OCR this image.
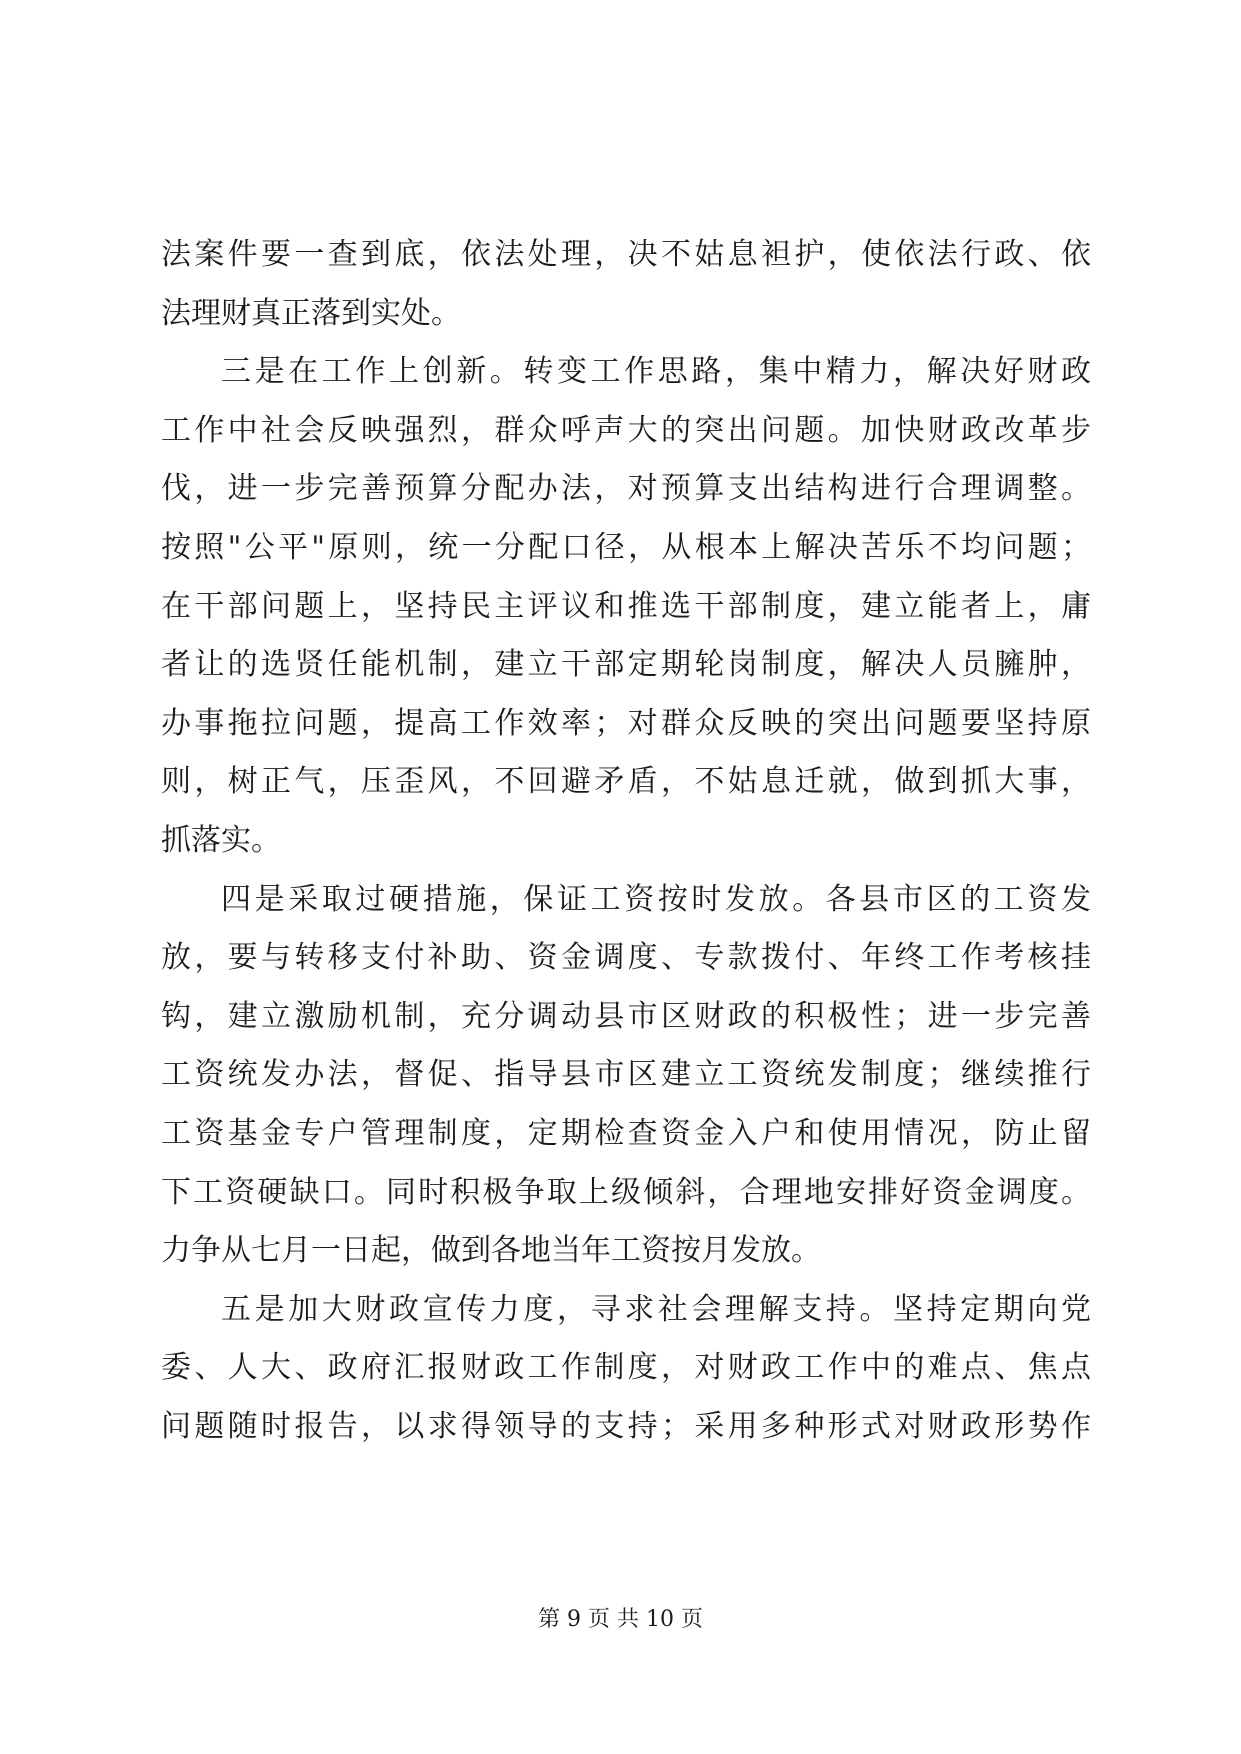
法案件要一查到底，依法处理，决不姑息袒护，使依法行政、依
法理财真正落到实处。
三是在工作上创新。转变工作思路，集中精力，解决好财政
工作中社会反映强烈，群众呼声大的突出问题。加快财政改革步
伐，进一步完善预算分配办法，对预算支出结构进行合理调整。
按照"公平"原则，统一分配口径，从根本上解决苦乐不均问题；
在干部问题上，坚持民主评议和推选干部制度，建立能者上，庸
者让的选贤任能机制，建立干部定期轮岗制度，解决人员臃肿，
办事拖拉问题，提高工作效率；对群众反映的突出问题要坚持原
则，树正气，压歪风，不回避矛盾，不姑息迁就，做到抓大事，
抓落实。
四是采取过硬措施，保证工资按时发放。各县市区的工资发
放，要与转移支付补助、资金调度、专款拨付、年终工作考核挂
钩，建立激励机制，充分调动县市区财政的积极性；进一步完善
工资统发办法，督促、指导县市区建立工资统发制度；继续推行
工资基金专户管理制度，定期检查资金入户和使用情况，防止留
下工资硬缺口。同时积极争取上级倾斜，合理地安排好资金调度。
力争从七月一日起，做到各地当年工资按月发放。
五是加大财政宣传力度，寻求社会理解支持。坚持定期向党
委、人大、政府汇报财政工作制度，对财政工作中的难点、焦点
问题随时报告，以求得领导的支持；采用多种形式对财政形势作
第 9 页 共 10 页
